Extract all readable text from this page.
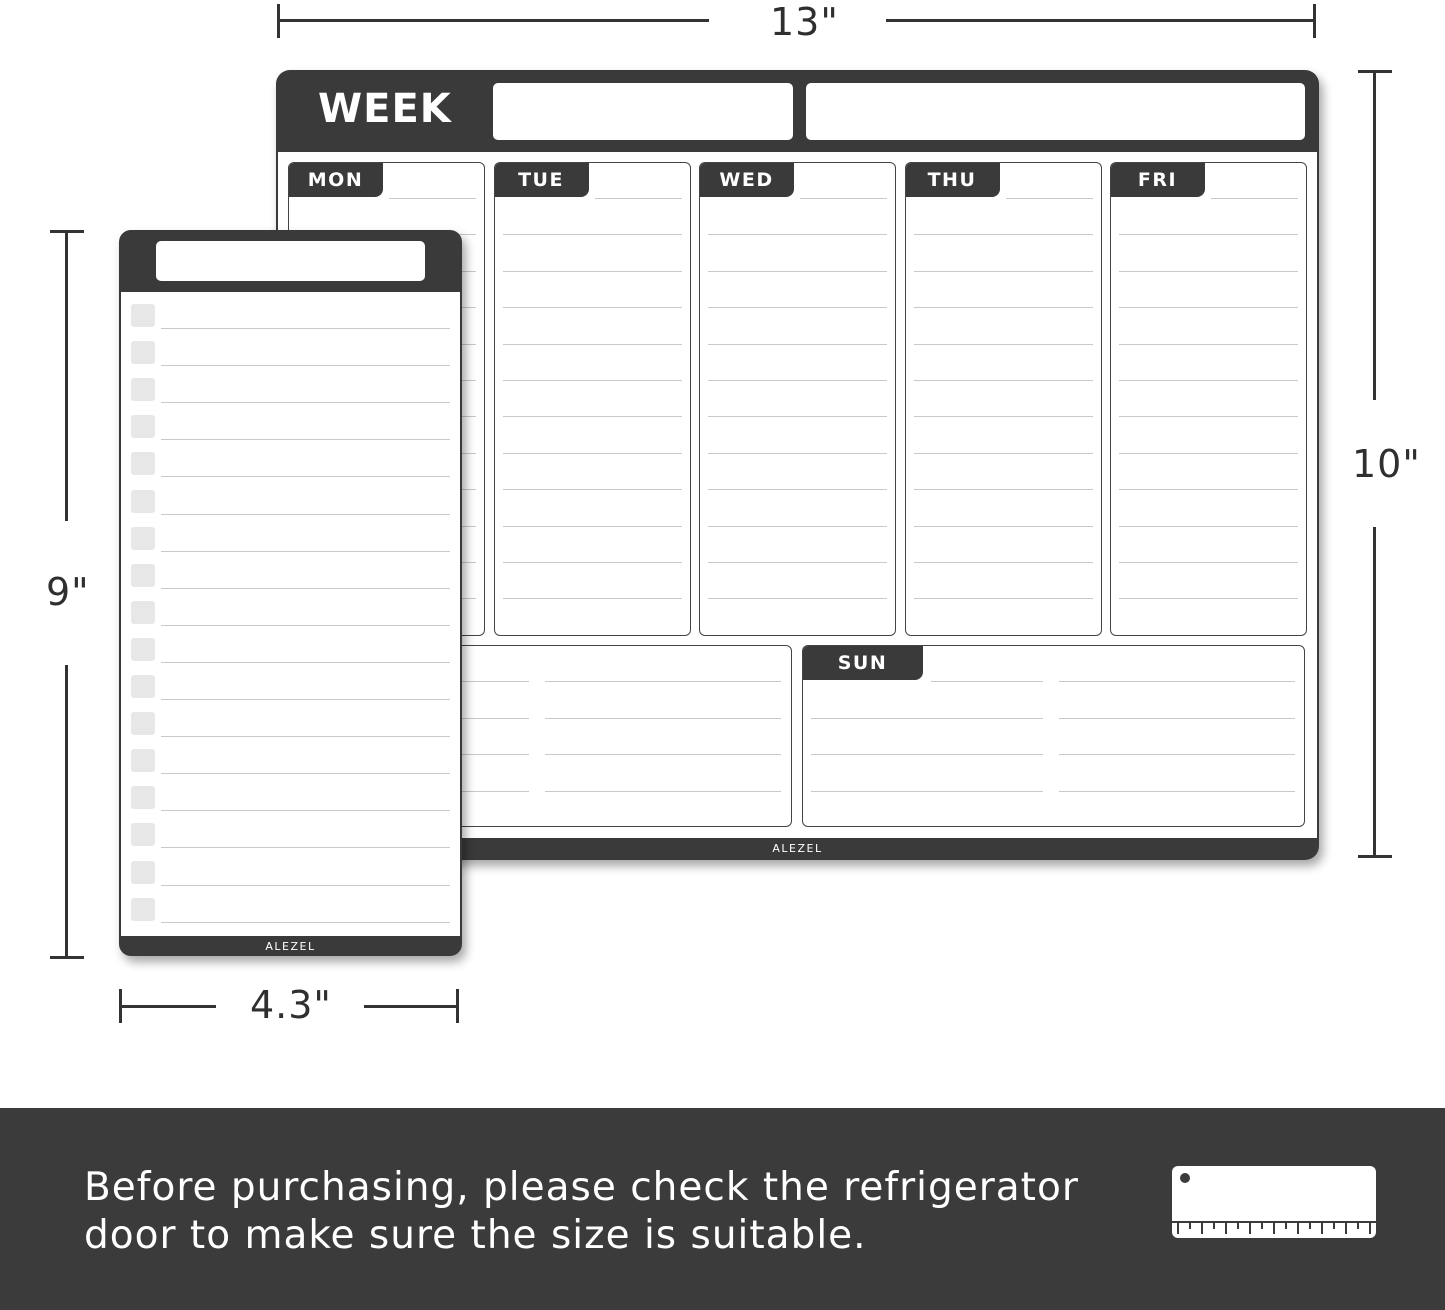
13"
10"
9"
4.3"
WEEK
MON	TUE	WED	THU	FRI
SUN
ALEZEL
ALEZEL
Before purchasing, please check the refrigerator
door to make sure the size is suitable.
